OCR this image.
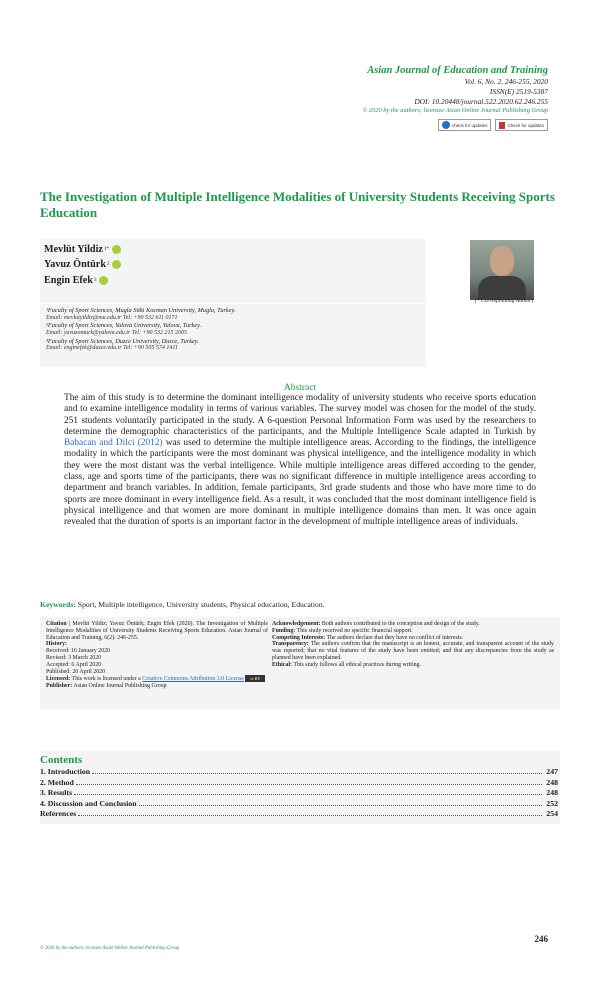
Asian Journal of Education and Training
Vol. 6, No. 2, 246-255, 2020
ISSN(E) 2519-5387
DOI: 10.20448/journal.522.2020.62.246.255
© 2020 by the authors; licensee Asian Online Journal Publishing Group
check for updates	Check for updates
The Investigation of Multiple Intelligence Modalities of University Students Receiving Sports Education
Mevlüt Yildiz 1*
Yavuz Öntürk 2
Engin Efek 3
(* Corresponding Author)
¹Faculty of Sport Sciences, Mugla Sitki Kocman University, Mugla, Turkey.
Email: mevlutyildiz@mu.edu.tr Tel: +90 532 611 0171
²Faculty of Sport Sciences, Yalova University, Yalova, Turkey.
Email: yavuzonturk@yalova.edu.tr Tel: +90 532 215 2005
³Faculty of Sport Sciences, Duzce University, Duzce, Turkey.
Email: enginefek@duzce.edu.tr Tel: +90 505 574 1411
Abstract

The aim of this study is to determine the dominant intelligence modality of university students who receive sports education and to examine intelligence modality in terms of various variables. The survey model was chosen for the model of the study. 251 students voluntarily participated in the study. A 6-question Personal Information Form was used by the researchers to determine the demographic characteristics of the participants, and the Multiple Intelligence Scale adapted in Turkish by Babacan and Dilci (2012) was used to determine the multiple intelligence areas. According to the findings, the intelligence modality in which the participants were the most dominant was physical intelligence, and the intelligence modality in which they were the most distant was the verbal intelligence. While multiple intelligence areas differed according to the gender, class, age and sports time of the participants, there was no significant difference in multiple intelligence areas according to department and branch variables. In addition, female participants, 3rd grade students and those who have more time to do sports are more dominant in every intelligence field. As a result, it was concluded that the most dominant intelligence field is physical intelligence and that women are more dominant in multiple intelligence domains than men. It was once again revealed that the duration of sports is an important factor in the development of multiple intelligence areas of individuals.

Keywords: Sport, Multiple intelligence, University students, Physical education, Education.
Citation | Mevlüt Yildiz; Yavuz Öntürk; Engin Efek (2020). The Investigation of Multiple Intelligence Modalities of University Students Receiving Sports Education. Asian Journal of Education and Training, 6(2): 246-255.
History:
Received: 16 January 2020
Revised: 3 March 2020
Accepted: 6 April 2020
Published: 20 April 2020
Licensed: This work is licensed under a Creative Commons Attribution 3.0 License cc BY
Publisher: Asian Online Journal Publishing Group
Acknowledgement: Both authors contributed to the conception and design of the study.
Funding: This study received no specific financial support.
Competing Interests: The authors declare that they have no conflict of interests.
Transparency: The authors confirm that the manuscript is an honest, accurate, and transparent account of the study was reported; that no vital features of the study have been omitted; and that any discrepancies from the study as planned have been explained.
Ethical: This study follows all ethical practices during writing.
Contents
1. Introduction	247
2. Method	248
3. Results	248
4. Discussion and Conclusion	252
References	254
246
© 2020 by the authors; licensee Asian Online Journal Publishing Group
